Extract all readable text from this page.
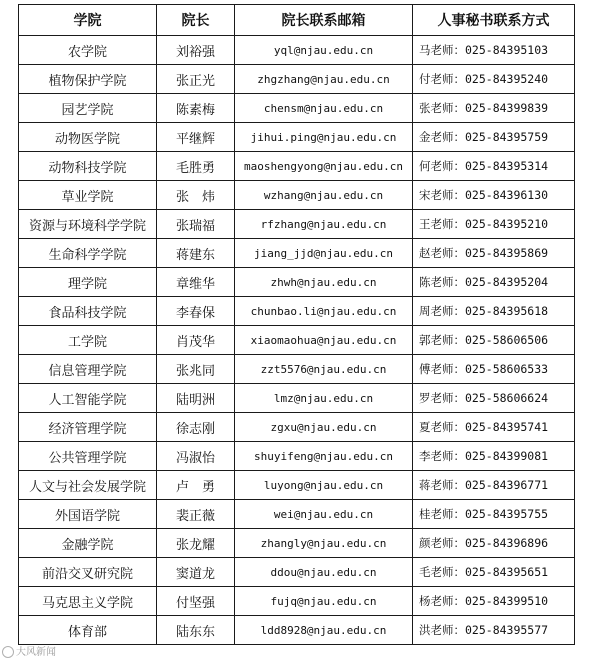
学院	院长	院长联系邮箱	人事秘书联系方式
农学院	刘裕强	yql@njau.edu.cn	马老师：025-84395103
植物保护学院	张正光	zhgzhang@njau.edu.cn	付老师：025-84395240
园艺学院	陈素梅	chensm@njau.edu.cn	张老师：025-84399839
动物医学院	平继辉	jihui.ping@njau.edu.cn	金老师：025-84395759
动物科技学院	毛胜勇	maoshengyong@njau.edu.cn	何老师：025-84395314
草业学院	张　炜	wzhang@njau.edu.cn	宋老师：025-84396130
资源与环境科学学院	张瑞福	rfzhang@njau.edu.cn	王老师：025-84395210
生命科学学院	蒋建东	jiang_jjd@njau.edu.cn	赵老师：025-84395869
理学院	章维华	zhwh@njau.edu.cn	陈老师：025-84395204
食品科技学院	李春保	chunbao.li@njau.edu.cn	周老师：025-84395618
工学院	肖茂华	xiaomaohua@njau.edu.cn	郭老师：025-58606506
信息管理学院	张兆同	zzt5576@njau.edu.cn	傅老师：025-58606533
人工智能学院	陆明洲	lmz@njau.edu.cn	罗老师：025-58606624
经济管理学院	徐志刚	zgxu@njau.edu.cn	夏老师：025-84395741
公共管理学院	冯淑怡	shuyifeng@njau.edu.cn	李老师：025-84399081
人文与社会发展学院	卢　勇	luyong@njau.edu.cn	蒋老师：025-84396771
外国语学院	裴正薇	wei@njau.edu.cn	桂老师：025-84395755
金融学院	张龙耀	zhangly@njau.edu.cn	颜老师：025-84396896
前沿交叉研究院	窦道龙	ddou@njau.edu.cn	毛老师：025-84395651
马克思主义学院	付坚强	fujq@njau.edu.cn	杨老师：025-84399510
体育部	陆东东	ldd8928@njau.edu.cn	洪老师：025-84395577
大风新闻
